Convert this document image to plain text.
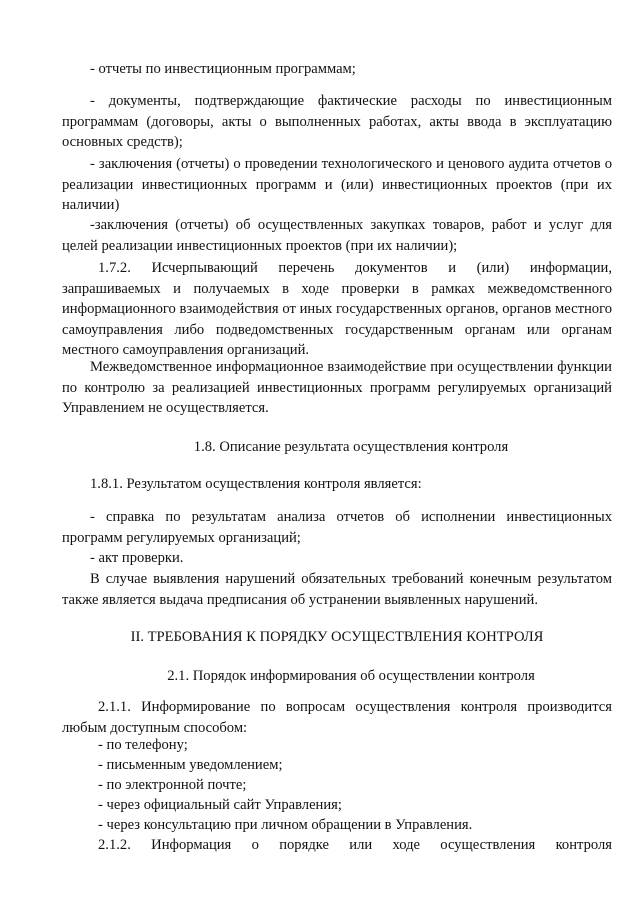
- отчеты по инвестиционным программам;
- документы, подтверждающие фактические расходы по инвестиционным программам (договоры, акты о выполненных работах, акты ввода в эксплуатацию основных средств);
- заключения (отчеты) о проведении технологического и ценового аудита отчетов о реализации инвестиционных программ и (или) инвестиционных проектов (при их наличии)
-заключения (отчеты) об осуществленных закупках товаров, работ и услуг для целей реализации инвестиционных проектов (при их наличии);
1.7.2. Исчерпывающий перечень документов и (или) информации, запрашиваемых и получаемых в ходе проверки в рамках межведомственного информационного взаимодействия от иных государственных органов, органов местного самоуправления либо подведомственных государственным органам или органам местного самоуправления организаций.
Межведомственное информационное взаимодействие при осуществлении функции по контролю за реализацией инвестиционных программ регулируемых организаций Управлением не осуществляется.
1.8. Описание результата осуществления контроля
1.8.1. Результатом осуществления контроля является:
- справка по результатам анализа отчетов об исполнении инвестиционных программ регулируемых организаций;
- акт проверки.
В случае выявления нарушений обязательных требований конечным результатом также является выдача предписания об устранении выявленных нарушений.
II. ТРЕБОВАНИЯ К ПОРЯДКУ ОСУЩЕСТВЛЕНИЯ КОНТРОЛЯ
2.1. Порядок информирования об осуществлении контроля
2.1.1. Информирование по вопросам осуществления контроля производится любым доступным способом:
- по телефону;
- письменным уведомлением;
- по электронной почте;
- через официальный сайт Управления;
- через консультацию при личном обращении в Управления.
2.1.2. Информация о порядке или ходе осуществления контроля
